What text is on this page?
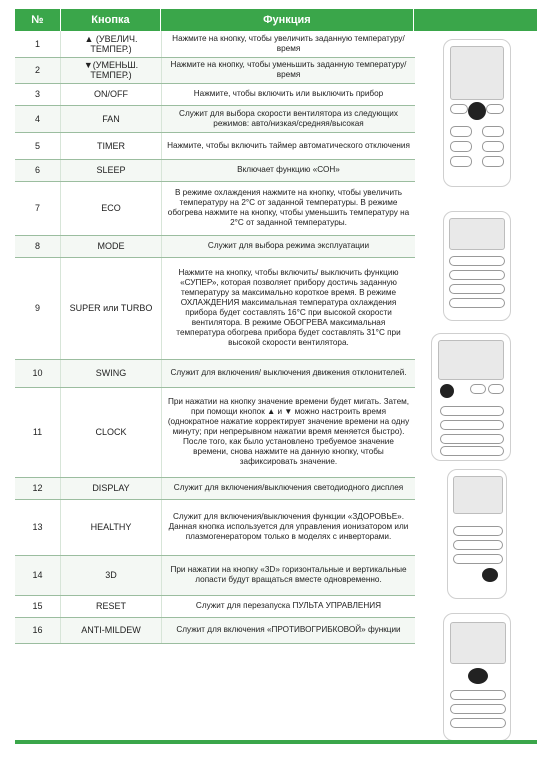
№	Кнопка	Функция
1	▲ (УВЕЛИЧ. ТЕМПЕР.)	Нажмите на кнопку, чтобы увеличить заданную температуру/ время
2	▼(УМЕНЬШ. ТЕМПЕР.)	Нажмите на кнопку, чтобы уменьшить заданную температуру/ время
3	ON/OFF	Нажмите, чтобы включить или выключить прибор
4	FAN	Служит для выбора скорости вентилятора из следующих режимов: авто/низкая/средняя/высокая
5	TIMER	Нажмите, чтобы включить таймер автоматического отключения
6	SLEEP	Включает функцию «СОН»
7	ECO	В режиме охлаждения нажмите на кнопку, чтобы увеличить температуру на 2°С от заданной температуры. В режиме обогрева нажмите на кнопку, чтобы уменьшить температуру на 2°С от заданной температуры.
8	MODE	Служит для выбора режима эксплуатации
9	SUPER или TURBO	Нажмите на кнопку, чтобы включить/ выключить функцию «СУПЕР», которая позволяет прибору достичь заданную температуру за максимально короткое время. В режиме ОХЛАЖДЕНИЯ максимальная температура охлаждения прибора будет составлять 16°С при высокой скорости вентилятора. В режиме ОБОГРЕВА максимальная температура обогрева прибора будет составлять 31°С при высокой скорости вентилятора.
10	SWING	Служит для включения/ выключения движения отклонителей.
11	CLOCK	При нажатии на кнопку значение времени будет мигать. Затем, при помощи кнопок ▲ и ▼ можно настроить время (однократное нажатие корректирует значение времени на одну минуту; при непрерывном нажатии время меняется быстро). После того, как было установлено требуемое значение времени, снова нажмите на данную кнопку, чтобы зафиксировать значение.
12	DISPLAY	Служит для включения/выключения светодиодного дисплея
13	HEALTHY	Служит для включения/выключения функции «ЗДОРОВЬЕ». Данная кнопка используется для управления ионизатором или плазмогенератором только в моделях с инверторами.
14	3D	При нажатии на кнопку «3D» горизонтальные и вертикальные лопасти будут вращаться вместе одновременно.
15	RESET	Служит для перезапуска ПУЛЬТА УПРАВЛЕНИЯ
16	ANTI-MILDEW	Служит для включения «ПРОТИВОГРИБКОВОЙ» функции
